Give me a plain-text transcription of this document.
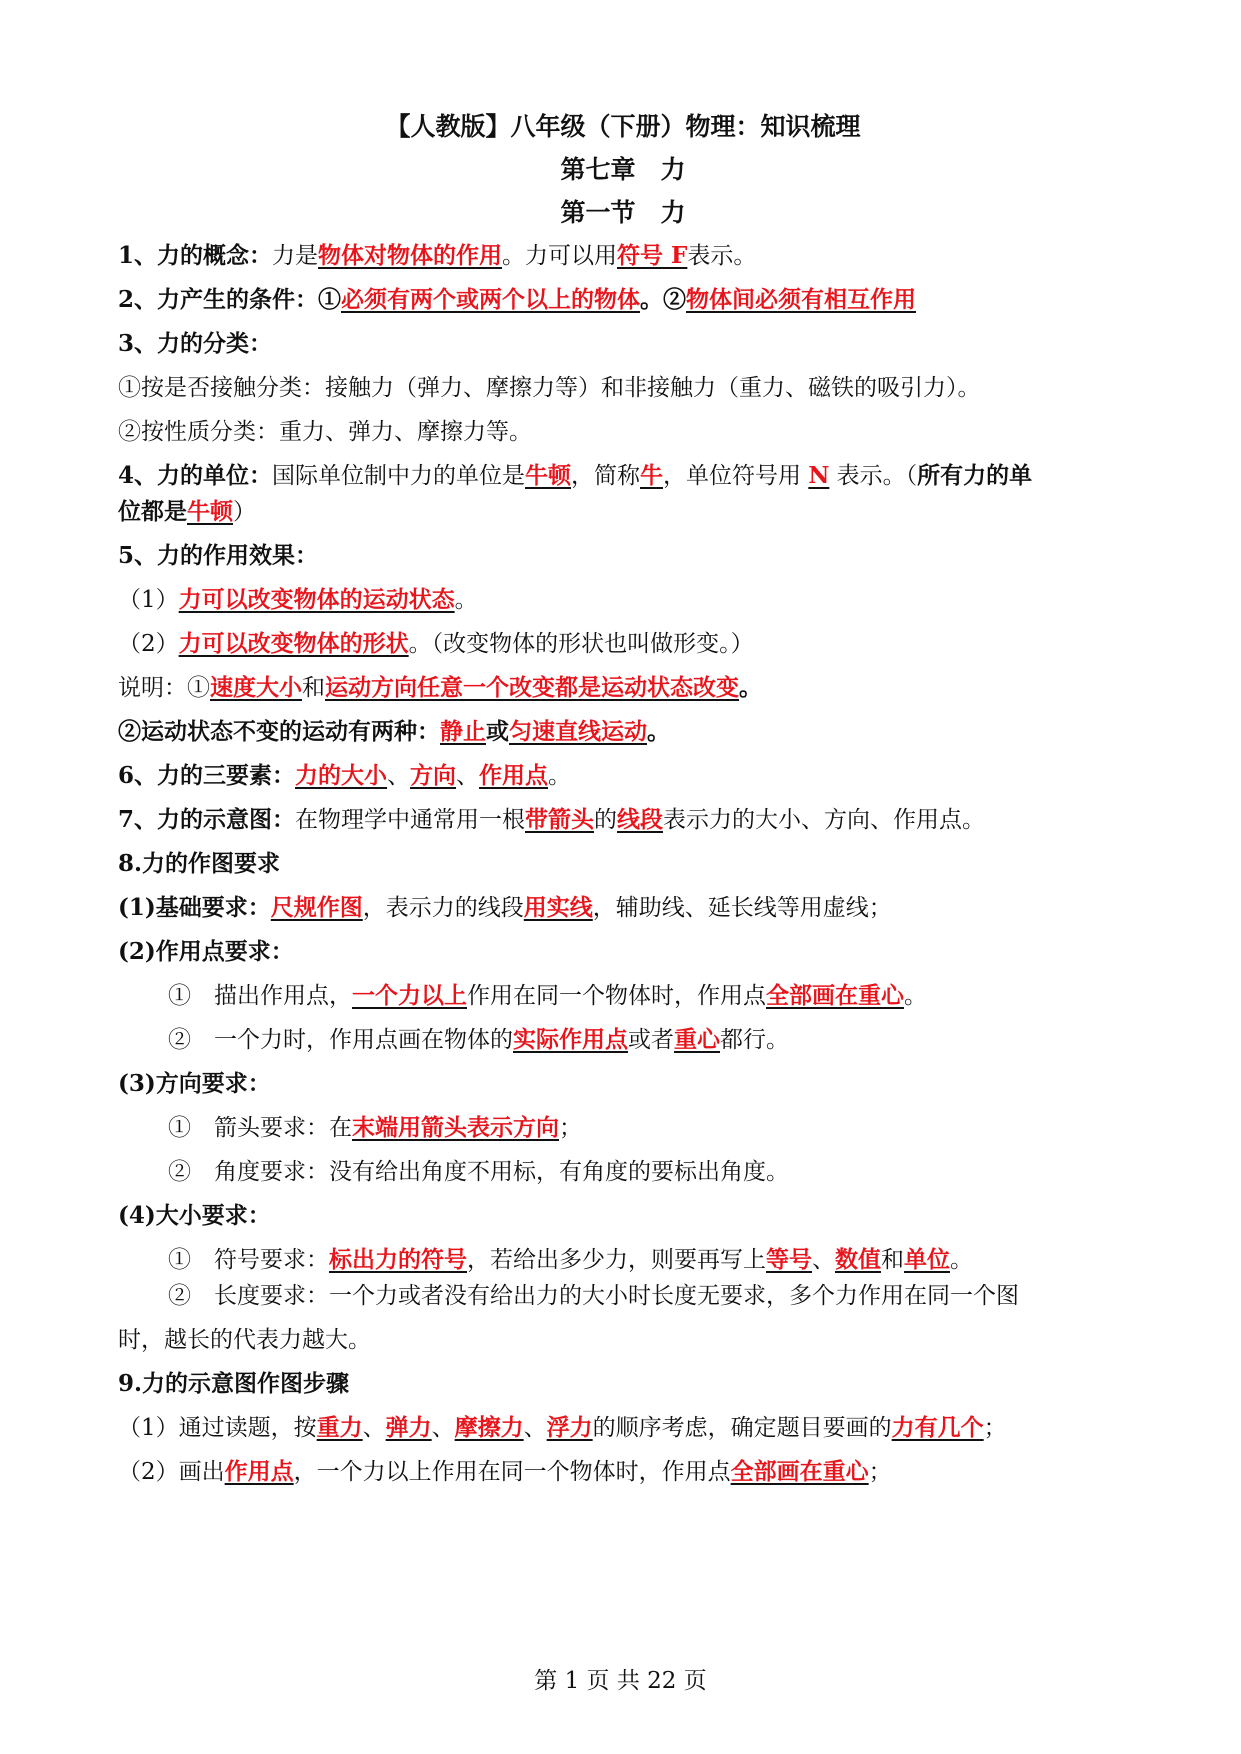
【人教版】八年级（下册）物理：知识梳理
第七章　力
第一节　力
1、力的概念：力是物体对物体的作用。力可以用符号 F表示。
2、力产生的条件：①必须有两个或两个以上的物体。②物体间必须有相互作用
3、力的分类：
①按是否接触分类：接触力（弹力、摩擦力等）和非接触力（重力、磁铁的吸引力）。
②按性质分类：重力、弹力、摩擦力等。
4、力的单位：国际单位制中力的单位是牛顿，简称牛，单位符号用 N 表示。（所有力的单
位都是牛顿）
5、力的作用效果：
（1）力可以改变物体的运动状态。
（2）力可以改变物体的形状。（改变物体的形状也叫做形变。）
说明：①速度大小和运动方向任意一个改变都是运动状态改变。
②运动状态不变的运动有两种：静止或匀速直线运动。
6、力的三要素：力的大小、方向、作用点。
7、力的示意图：在物理学中通常用一根带箭头的线段表示力的大小、方向、作用点。
8.力的作图要求
(1)基础要求：尺规作图，表示力的线段用实线，辅助线、延长线等用虚线；
(2)作用点要求：
①　描出作用点，一个力以上作用在同一个物体时，作用点全部画在重心。
②　一个力时，作用点画在物体的实际作用点或者重心都行。
(3)方向要求：
①　箭头要求：在末端用箭头表示方向；
②　角度要求：没有给出角度不用标，有角度的要标出角度。
(4)大小要求：
①　符号要求：标出力的符号，若给出多少力，则要再写上等号、数值和单位。
②　长度要求：一个力或者没有给出力的大小时长度无要求，多个力作用在同一个图
时，越长的代表力越大。
9.力的示意图作图步骤
（1）通过读题，按重力、弹力、摩擦力、浮力的顺序考虑，确定题目要画的力有几个；
（2）画出作用点，一个力以上作用在同一个物体时，作用点全部画在重心；
第 1 页 共 22 页
